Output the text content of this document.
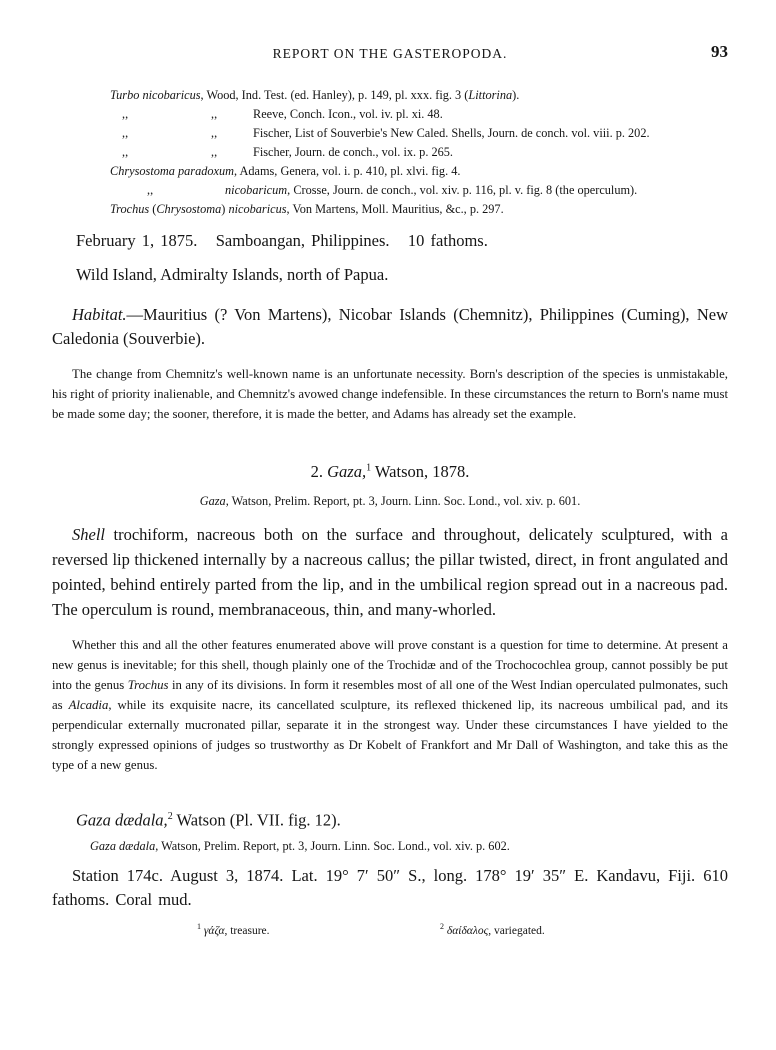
REPORT ON THE GASTEROPODA.	93
Turbo nicobaricus, Wood, Ind. Test. (ed. Hanley), p. 149, pl. xxx. fig. 3 (Littorina).
,,	,,	Reeve, Conch. Icon., vol. iv. pl. xi. 48.
,,	,,	Fischer, List of Souverbie's New Caled. Shells, Journ. de conch. vol. viii. p. 202.
,,	,,	Fischer, Journ. de conch., vol. ix. p. 265.
Chrysostoma paradoxum, Adams, Genera, vol. i. p. 410, pl. xlvi. fig. 4.
,,	nicobaricum, Crosse, Journ. de conch., vol. xiv. p. 116, pl. v. fig. 8 (the operculum).
Trochus (Chrysostoma) nicobaricus, Von Martens, Moll. Mauritius, &c., p. 297.
February 1, 1875.   Samboangan, Philippines.   10 fathoms.
Wild Island, Admiralty Islands, north of Papua.
Habitat.—Mauritius (? Von Martens), Nicobar Islands (Chemnitz), Philippines (Cuming), New Caledonia (Souverbie).
The change from Chemnitz's well-known name is an unfortunate necessity. Born's description of the species is unmistakable, his right of priority inalienable, and Chemnitz's avowed change indefensible. In these circumstances the return to Born's name must be made some day; the sooner, therefore, it is made the better, and Adams has already set the example.
2. Gaza,$^1$ Watson, 1878.
Gaza, Watson, Prelim. Report, pt. 3, Journ. Linn. Soc. Lond., vol. xiv. p. 601.
Shell trochiform, nacreous both on the surface and throughout, delicately sculptured, with a reversed lip thickened internally by a nacreous callus; the pillar twisted, direct, in front angulated and pointed, behind entirely parted from the lip, and in the umbilical region spread out in a nacreous pad. The operculum is round, membranaceous, thin, and many-whorled.
Whether this and all the other features enumerated above will prove constant is a question for time to determine. At present a new genus is inevitable; for this shell, though plainly one of the Trochidæ and of the Trochocochlea group, cannot possibly be put into the genus Trochus in any of its divisions. In form it resembles most of all one of the West Indian operculated pulmonates, such as Alcadia, while its exquisite nacre, its cancellated sculpture, its reflexed thickened lip, its nacreous umbilical pad, and its perpendicular externally mucronated pillar, separate it in the strongest way. Under these circumstances I have yielded to the strongly expressed opinions of judges so trustworthy as Dr Kobelt of Frankfort and Mr Dall of Washington, and take this as the type of a new genus.
Gaza dædala,$^2$ Watson (Pl. VII. fig. 12).
Gaza dædala, Watson, Prelim. Report, pt. 3, Journ. Linn. Soc. Lond., vol. xiv. p. 602.
Station 174c. August 3, 1874. Lat. 19° 7′ 50″ S., long. 178° 19′ 35″ E. Kandavu, Fiji. 610 fathoms. Coral mud.
$^1$ γάζα, treasure.	$^2$ δαίδαλος, variegated.
